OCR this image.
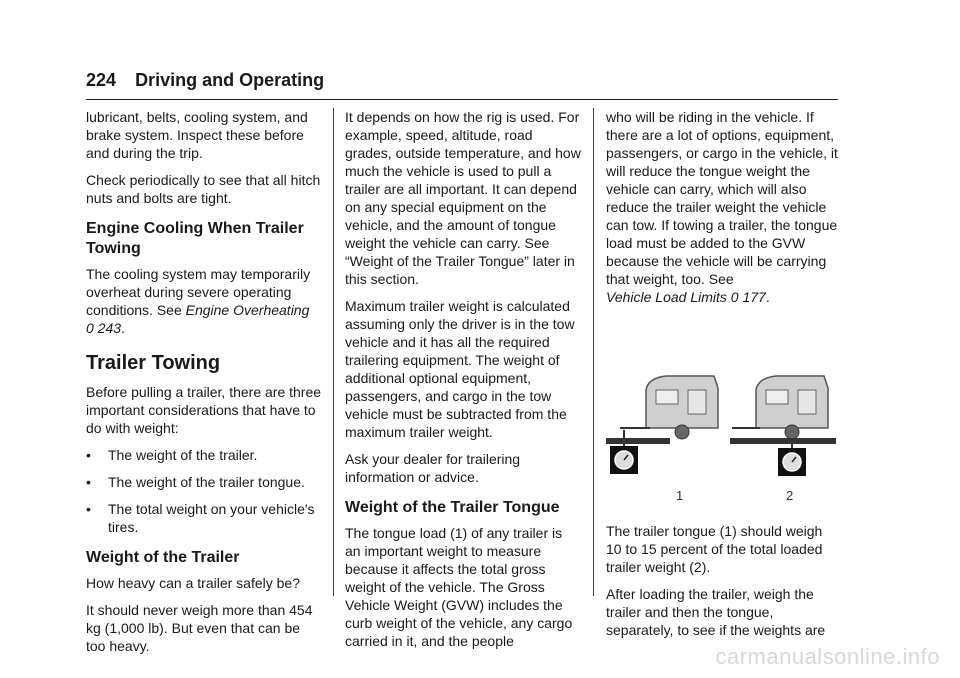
224 Driving and Operating

lubricant, belts, cooling system, and brake system. Inspect these before and during the trip.

Check periodically to see that all hitch nuts and bolts are tight.

Engine Cooling When Trailer Towing

The cooling system may temporarily overheat during severe operating conditions. See Engine Overheating
0 243.

Trailer Towing

Before pulling a trailer, there are three important considerations that have to do with weight:

•	The weight of the trailer.
•	The weight of the trailer tongue.
•	The total weight on your vehicle's tires.
Weight of the Trailer

How heavy can a trailer safely be?

It should never weigh more than 454 kg (1,000 lb). But even that can be too heavy.

It depends on how the rig is used. For example, speed, altitude, road grades, outside temperature, and how much the vehicle is used to pull a trailer are all important. It can depend on any special equipment on the vehicle, and the amount of tongue weight the vehicle can carry. See “Weight of the Trailer Tongue” later in this section.

Maximum trailer weight is calculated assuming only the driver is in the tow vehicle and it has all the required trailering equipment. The weight of additional optional equipment, passengers, and cargo in the tow vehicle must be subtracted from the maximum trailer weight.

Ask your dealer for trailering information or advice.

Weight of the Trailer Tongue

The tongue load (1) of any trailer is an important weight to measure because it affects the total gross weight of the vehicle. The Gross Vehicle Weight (GVW) includes the curb weight of the vehicle, any cargo carried in it, and the people

who will be riding in the vehicle. If there are a lot of options, equipment, passengers, or cargo in the vehicle, it will reduce the tongue weight the vehicle can carry, which will also reduce the trailer weight the vehicle can tow. If towing a trailer, the tongue load must be added to the GVW because the vehicle will be carrying that weight, too. See
Vehicle Load Limits 0 177.

1	2

The trailer tongue (1) should weigh 10 to 15 percent of the total loaded trailer weight (2).

After loading the trailer, weigh the trailer and then the tongue, separately, to see if the weights are

carmanualsonline.info
